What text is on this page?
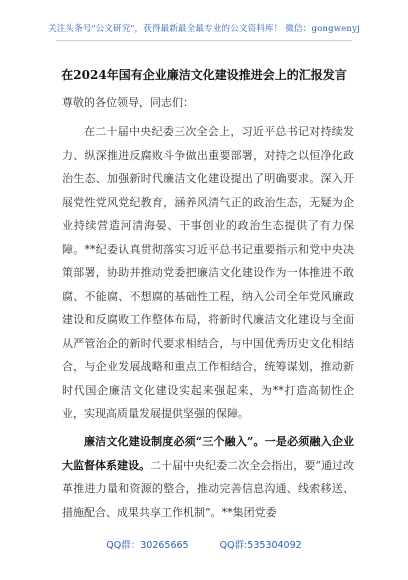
关注头条号"公文研究"，获得最新最全最专业的公文资料库！ 微信：gongwenyj
在2024年国有企业廉洁文化建设推进会上的汇报发言
尊敬的各位领导，同志们：

在二十届中央纪委三次全会上，习近平总书记对持续发力、纵深推进反腐败斗争做出重要部署，对持之以恒净化政治生态、加强新时代廉洁文化建设提出了明确要求。深入开展党性党风党纪教育，涵养风清气正的政治生态，无疑为企业持续营造河清海晏、干事创业的政治生态提供了有力保障。**纪委认真贯彻落实习近平总书记重要指示和党中央决策部署，协助并推动党委把廉洁文化建设作为一体推进不敢腐、不能腐、不想腐的基础性工程，纳入公司全年党风廉政建设和反腐败工作整体布局，将新时代廉洁文化建设与全面从严管治企的新时代要求相结合，与中国优秀历史文化相结合，与企业发展战略和重点工作相结合，统筹谋划，推动新时代国企廉洁文化建设实起来强起来，为**打造高韧性企业，实现高质量发展提供坚强的保障。

廉洁文化建设制度必须“三个融入”。一是必须融入企业大监督体系建设。二十届中央纪委二次全会指出，要“通过改革推进力量和资源的整合，推动完善信息沟通、线索移送、措施配合、成果共享工作机制”。**集团党委

QQ群：30265665	QQ群:535304092
